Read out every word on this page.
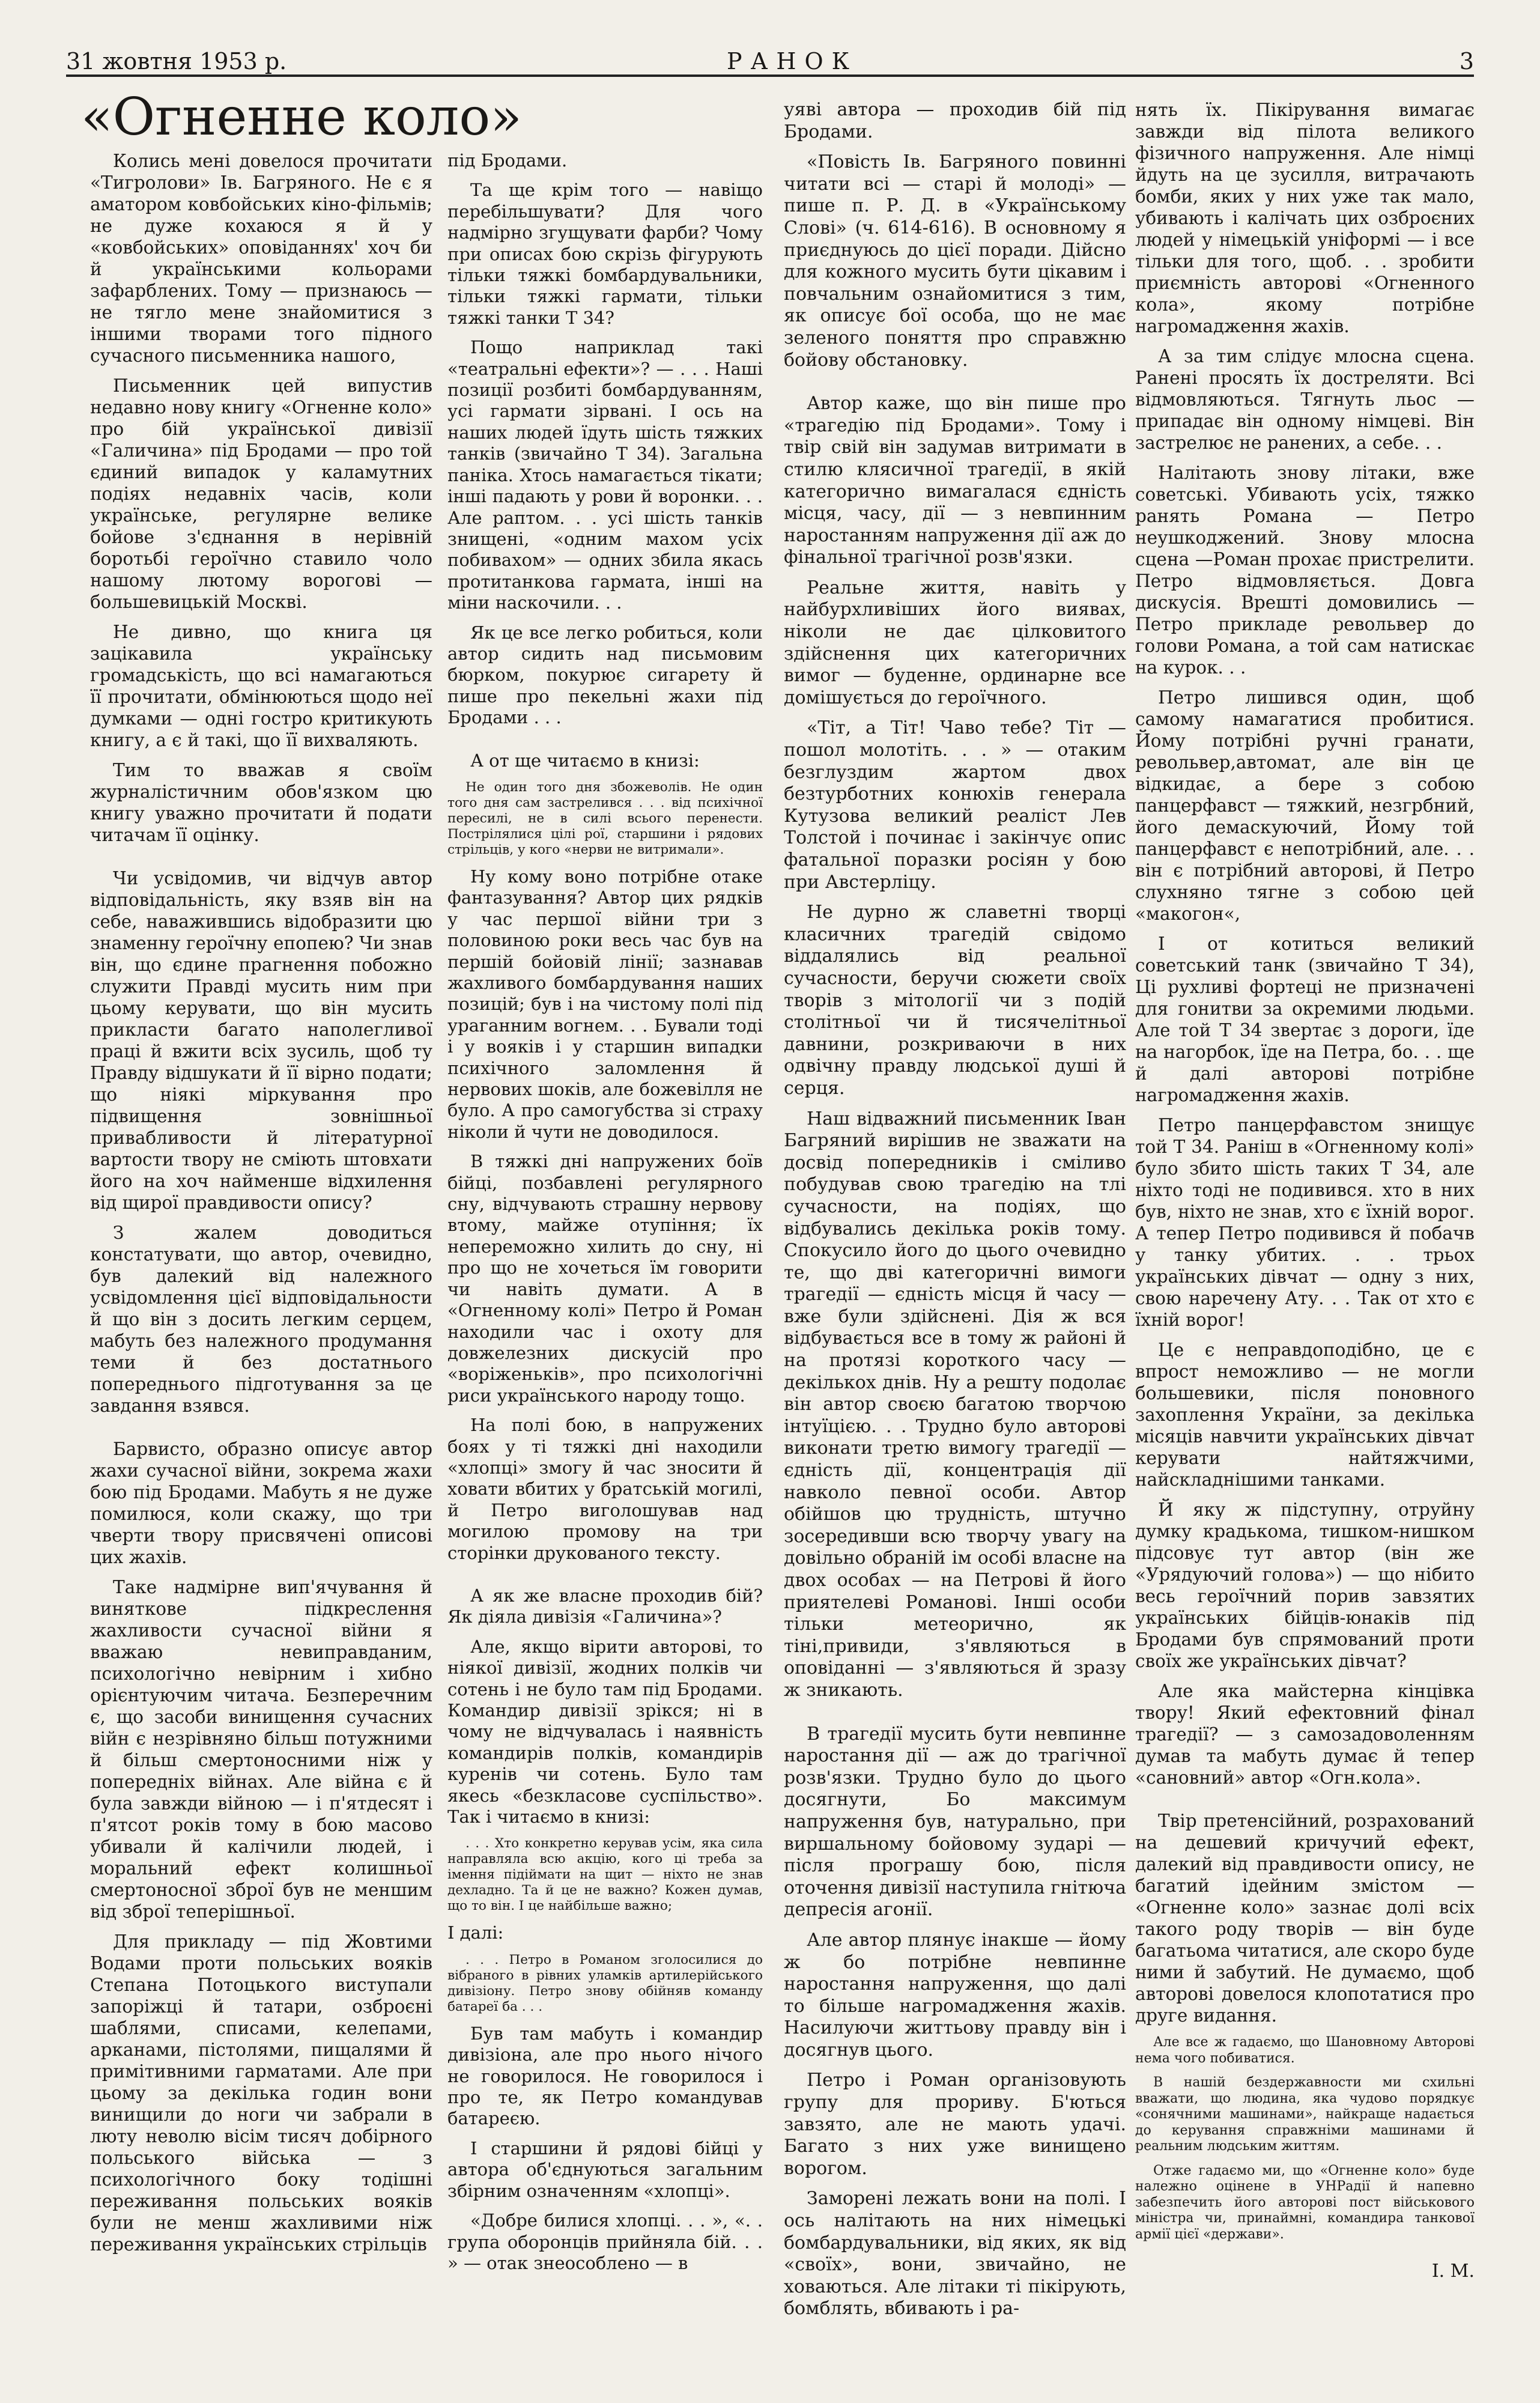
31 жовтня 1953 р.	РАНОК	3
«Огненне коло»

Колись мені довелося прочитати «Тигролови» Ів. Багряного. Не є я аматором ковбойських кіно-фільмів; не дуже кохаюся я й у «ковбойських» оповіданнях' хоч би й українськими кольорами зафарблених. Тому — признаюсь — не тягло мене знайомитися з іншими творами того підного сучасного письменника нашого,

Письменник цей випустив недавно нову книгу «Огненне коло» про бій української дивізії «Галичина» під Бродами — про той єдиний випадок у каламутних подіях недавніх часів, коли українське, регулярне велике бойове з'єднання в нерівній боротьбі героїчно ставило чоло нашому лютому ворогові — большевицькій Москві.

Не дивно, що книга ця зацікавила українську громадськість, що всі намагаються її прочитати, обмінюються щодо неї думками — одні гостро критикують книгу, а є й такі, що її вихваляють.

Тим то вважав я своїм журналістичним обов'язком цю книгу уважно прочитати й подати читачам її оцінку.

Чи усвідомив, чи відчув автор відповідальність, яку взяв він на себе, наважившись відобразити цю знаменну героїчну епопею? Чи знав він, що єдине прагнення побожно служити Правді мусить ним при цьому керувати, що він мусить прикласти багато наполегливої праці й вжити всіх зусиль, щоб ту Правду відшукати й її вірно подати; що ніякі міркування про підвищення зовнішньої привабливости й літературної вартости твору не сміють штовхати його на хоч найменше відхилення від щирої правдивости опису?

З жалем доводиться констатувати, що автор, очевидно, був далекий від належного усвідомлення цієї відповідальности й що він з досить легким серцем, мабуть без належного продумання теми й без достатнього попереднього підготування за це завдання взявся.

Барвисто, образно описує автор жахи сучасної війни, зокрема жахи бою під Бродами. Мабуть я не дуже помилюся, коли скажу, що три чверти твору присвячені описові цих жахів.

Таке надмірне вип'ячування й виняткове підкреслення жахливости сучасної війни я вважаю невиправданим, психологічно невірним і хибно орієнтуючим читача. Безперечним є, що засоби винищення сучасних війн є незрівняно більш потужними й більш смертоносними ніж у попередніх війнах. Але війна є й була завжди війною — і п'ятдесят і п'ятсот років тому в бою масово убивали й калічили людей, і моральний ефект колишньої смертоносної зброї був не меншим від зброї теперішньої.

Для прикладу — під Жовтими Водами проти польських вояків Степана Потоцького виступали запоріжці й татари, озброєні шаблями, списами, келепами, арканами, пістолями, пищалями й примітивними гарматами. Але при цьому за декілька годин вони винищили до ноги чи забрали в люту неволю вісім тисяч добірного польського війська — з психологічного боку тодішні переживання польських вояків були не менш жахливими ніж переживання українських стрільців

під Бродами.

Та ще крім того — навіщо перебільшувати? Для чого надмірно згущувати фарби? Чому при описах бою скрізь фігурують тільки тяжкі бомбардувальники, тільки тяжкі гармати, тільки тяжкі танки Т 34?

Пощо наприклад такі «театральні ефекти»? — . . . Наші позиції розбиті бомбардуванням, усі гармати зірвані. І ось на наших людей їдуть шість тяжких танків (звичайно Т 34). Загальна паніка. Хтось намагається тікати; інші падають у рови й воронки. . . Але раптом. . . усі шість танків знищені, «одним махом усіх побивахом» — одних збила якась протитанкова гармата, інші на міни наскочили. . .

Як це все легко робиться, коли автор сидить над письмовим бюрком, покурює сигарету й пише про пекельні жахи під Бродами . . .

А от ще читаємо в книзі:

Не один того дня збожеволів. Не один того дня сам застрелився . . . від психічної пересилі, не в силі всього перенести. Пострілялися цілі рої, старшини і рядових стрільців, у кого «нерви не витримали».

Ну кому воно потрібне отаке фантазування? Автор цих рядків у час першої війни три з половиною роки весь час був на першій бойовій лінії; зазнавав жахливого бомбардування наших позицій; був і на чистому полі під ураганним вогнем. . . Бували тоді і у вояків і у старшин випадки психічного заломлення й нервових шоків, але божевілля не було. А про самогубства зі страху ніколи й чути не доводилося.

В тяжкі дні напружених боїв бійці, позбавлені регулярного сну, відчувають страшну нервову втому, майже отупіння; їх непереможно хилить до сну, ні про що не хочеться їм говорити чи навіть думати. А в «Огненному колі» Петро й Роман находили час і охоту для довжелезних дискусій про «воріженьків», про психологічні риси українського народу тощо.

На полі бою, в напружених боях у ті тяжкі дні находили «хлопці» змогу й час зносити й ховати вбитих у братській могилі, й Петро виголошував над могилою промову на три сторінки друкованого тексту.

А як же власне проходив бій? Як діяла дивізія «Галичина»?

Але, якщо вірити авторові, то ніякої дивізії, жодних полків чи сотень і не було там під Бродами. Командир дивізії зрікся; ні в чому не відчувалась і наявність командирів полків, командирів куренів чи сотень. Було там якесь «безкласове суспільство». Так і читаємо в книзі:

. . . Хто конкретно керував усім, яка сила направляла всю акцію, кого ці треба за імення підіймати на щит — ніхто не знав дехладно. Та й це не важно? Кожен думав, що то він. І це найбільше важно;

І далі:

. . . Петро в Романом зголосилися до вібраного в рівних уламків артилерійського дивізіону. Петро знову обійняв команду батареї ба . . .

Був там мабуть і командир дивізіона, але про нього нічого не говорилося. Не говорилося і про те, як Петро командував батареєю.

І старшини й рядові бійці у автора об'єднуються загальним збірним означенням «хлопці».

«Добре билися хлопці. . . », «. . група оборонців прийняла бій. . . » — отак знеособлено — в

уяві автора — проходив бій під Бродами.

«Повість Ів. Багряного повинні читати всі — старі й молоді» — пише п. Р. Д. в «Українському Слові» (ч. 614-616). В основному я приєднуюсь до цієї поради. Дійсно для кожного мусить бути цікавим і повчальним ознайомитися з тим, як описує бої особа, що не має зеленого поняття про справжню бойову обстановку.

Автор каже, що він пише про «трагедію під Бродами». Тому і твір свій він задумав витримати в стилю клясичної трагедії, в якій категорично вимагалася єдність місця, часу, дії — з невпинним наростанням напруження дії аж до фінальної трагічної розв'язки.

Реальне життя, навіть у найбурхливіших його виявах, ніколи не дає цілковитого здійснення цих категоричних вимог — буденне, ординарне все домішується до героїчного.

«Тіт, а Тіт! Чаво тебе? Тіт — пошол молотіть. . . » — отаким безглуздим жартом двох безтурботних конюхів генерала Кутузова великий реаліст Лев Толстой і починає і закінчує опис фатальної поразки росіян у бою при Австерліцу.

Не дурно ж славетні творці класичних трагедій свідомо віддалялись від реальної сучасности, беручи сюжети своїх творів з мітології чи з подій столітньої чи й тисячелітньої давнини, розкриваючи в них одвічну правду людської душі й серця.

Наш відважний письменник Іван Багряний вирішив не зважати на досвід попередників і сміливо побудував свою трагедію на тлі сучасности, на подіях, що відбувались декілька років тому. Спокусило його до цього очевидно те, що дві категоричні вимоги трагедії — єдність місця й часу — вже були здійснені. Дія ж вся відбувається все в тому ж районі й на протязі короткого часу — декількох днів. Ну а решту подолає він автор своєю багатою творчою інтуїцією. . . Трудно було авторові виконати третю вимогу трагедії — єдність дії, концентрація дії навколо певної особи. Автор обійшов цю трудність, штучно зосередивши всю творчу увагу на довільно обраній ім особі власне на двох особах — на Петрові й його приятелеві Романові. Інші особи тільки метеорично, як тіні,привиди, з'являються в оповіданні — з'являються й зразу ж зникають.

В трагедії мусить бути невпинне наростання дії — аж до трагічної розв'язки. Трудно було до цього досягнути, Бо максимум напруження був, натурально, при виршальному бойовому зударі — після програшу бою, після оточення дивізії наступила гнітюча депресія агонії.

Але автор плянує інакше — йому ж бо потрібне невпинне наростання напруження, що далі то більше нагромадження жахів. Насилуючи життьову правду він і досягнув цього.

Петро і Роман організовують групу для прориву. Б'ються завзято, але не мають удачі. Багато з них уже винищено ворогом.

Заморені лежать вони на полі. І ось налітають на них німецькі бомбардувальники, від яких, як від «своїх», вони, звичайно, не ховаються. Але літаки ті пікірують, бомблять, вбивають і ра-

нять їх. Пікірування вимагає завжди від пілота великого фізичного напруження. Але німці йдуть на це зусилля, витрачають бомби, яких у них уже так мало, убивають і калічать цих озброєних людей у німецькій уніформі — і все тільки для того, щоб. . . зробити приємність авторові «Огненного кола», якому потрібне нагромадження жахів.

А за тим слідує млосна сцена. Ранені просять їх достреляти. Всі відмовляються. Тягнуть льос — припадає він одному німцеві. Він застрелює не ранених, а себе. . .

Налітають знову літаки, вже советські. Убивають усіх, тяжко ранять Романа — Петро неушкоджений. Знову млосна сцена —Роман прохає пристрелити. Петро відмовляється. Довга дискусія. Врешті домовились — Петро прикладе револьвер до голови Романа, а той сам натискає на курок. . .

Петро лишився один, щоб самому намагатися пробитися. Йому потрібні ручні гранати, револьвер,автомат, але він це відкидає, а бере з собою панцерфавст — тяжкий, незгрбний, його демаскуючий, Йому той панцерфавст є непотрібний, але. . . він є потрібний авторові, й Петро слухняно тягне з собою цей «макогон«,

І от котиться великий советський танк (звичайно Т 34), Ці рухливі фортеці не призначені для гонитви за окремими людьми. Але той Т 34 звертає з дороги, їде на нагорбок, їде на Петра, бо. . . ще й далі авторові потрібне нагромадження жахів.

Петро панцерфавстом знищує той Т 34. Раніш в «Огненному колі» було збито шість таких Т 34, але ніхто тоді не подивився. хто в них був, ніхто не знав, хто є їхній ворог. А тепер Петро подивився й побачв у танку убитих. . . трьох українських дівчат — одну з них, свою наречену Ату. . . Так от хто є їхній ворог!

Це є неправдоподібно, це є впрост неможливо — не могли большевики, після поновного захоплення України, за декілька місяців навчити українських дівчат керувати найтяжчими, найскладнішими танками.

Й яку ж підступну, отруйну думку крадькома, тишком-нишком підсовує тут автор (він же «Урядуючий голова») — що нібито весь героїчний порив завзятих українських бійців-юнаків під Бродами був спрямований проти своїх же українських дівчат?

Але яка майстерна кінцівка твору! Який ефектовний фінал трагедії? — з самозадоволенням думав та мабуть думає й тепер «сановний» автор «Огн.кола».

Твір претенсійний, розрахований на дешевий кричучий ефект, далекий від правдивости опису, не багатий ідейним змістом — «Огненне коло» зазнає долі всіх такого роду творів — він буде багатьома читатися, але скоро буде ними й забутий. Не думаємо, щоб авторові довелося клопотатися про друге видання.

Але все ж гадаємо, що Шановному Авторові нема чого побиватися.

В нашій бездержавности ми схильні вважати, що людина, яка чудово порядкує «сонячними машинами», найкраще надається до керування справжніми машинами й реальним людським життям.

Отже гадаємо ми, що «Огненне коло» буде належно оцінене в УНРадії й напевно забезпечить його авторові пост військового міністра чи, принаймні, командира танкової армії цієї «держави».

І. М.
